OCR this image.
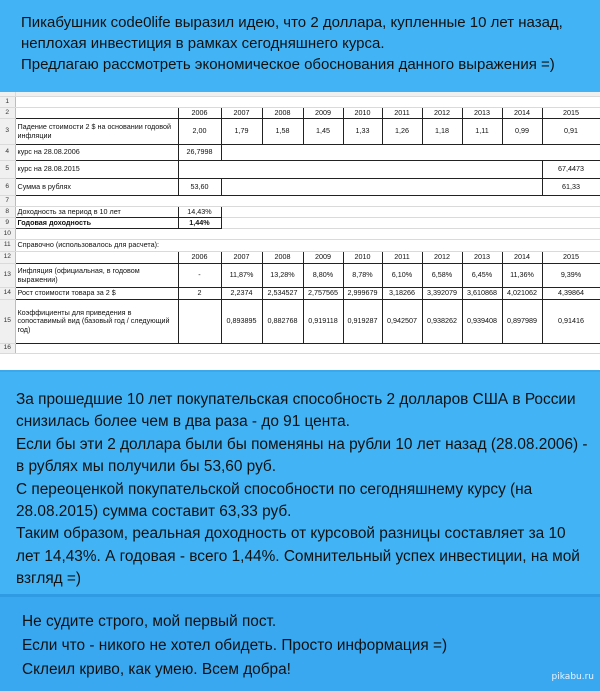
Пикабушник code0life выразил идею, что 2 доллара, купленные 10 лет назад,
неплохая инвестиция в рамках сегодняшнего курса.
Предлагаю рассмотреть экономическое обоснования данного выражения =)

1											
2		2006	2007	2008	2009	2010	2011	2012	2013	2014	2015
3	Падение стоимости 2 $ на основании годовой инфляции	2,00	1,79	1,58	1,45	1,33	1,26	1,18	1,11	0,99	0,91
4	курс на 28.08.2006	26,7998									
5	курс на 28.08.2015										67,4473
6	Сумма в рублях	53,60									61,33
7											
8	Доходность за период в 10 лет	14,43%									
9	Годовая доходность	1,44%									
10											
11	Справочно (использовалось для расчета):										
12		2006	2007	2008	2009	2010	2011	2012	2013	2014	2015
13	Инфляция (официальная, в годовом выражении)	-	11,87%	13,28%	8,80%	8,78%	6,10%	6,58%	6,45%	11,36%	9,39%
14	Рост стоимости товара за 2 $	2	2,2374	2,534527	2,757565	2,999679	3,18266	3,392079	3,610868	4,021062	4,39864
15	Коэффициенты для приведения в сопоставимый вид (базовый год / следующий год)		0,893895	0,882768	0,919118	0,919287	0,942507	0,938262	0,939408	0,897989	0,91416
16											
За прошедшие 10 лет покупательская способность 2 долларов США в России
снизилась более чем в два раза - до 91 цента.
Если бы эти 2 доллара были бы поменяны на рубли 10 лет назад (28.08.2006) -
в рублях мы получили бы 53,60 руб.
С переоценкой покупательской способности по сегодняшнему курсу (на
28.08.2015) сумма составит 63,33 руб.
Таким образом, реальная доходность от курсовой разницы составляет за 10
лет 14,43%. А годовая - всего 1,44%. Сомнительный успех инвестиции, на мой
взгляд =)
Не судите строго, мой первый пост.
Если что - никого не хотел обидеть. Просто информация =)
Склеил криво, как умею. Всем добра!	pikabu.ru
